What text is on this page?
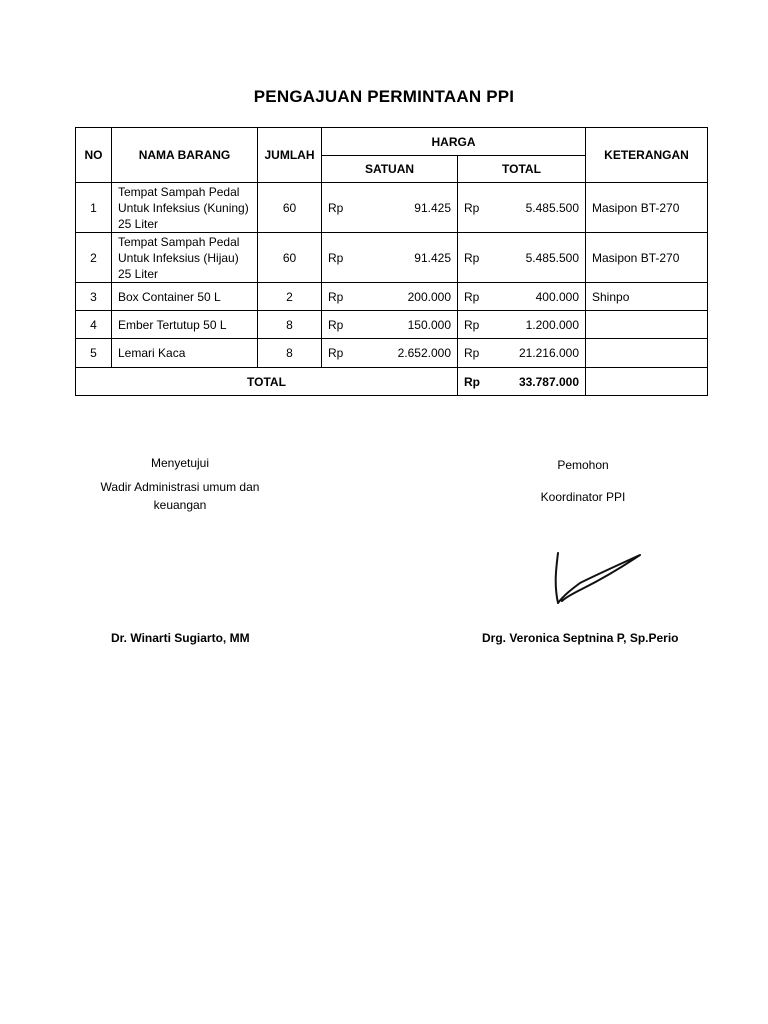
PENGAJUAN PERMINTAAN PPI
NO	NAMA BARANG	JUMLAH	HARGA		KETERANGAN
			SATUAN	TOTAL	
1	Tempat Sampah Pedal Untuk Infeksius (Kuning) 25 Liter	60	Rp 91.425	Rp 5.485.500	Masipon BT-270
2	Tempat Sampah Pedal Untuk Infeksius (Hijau) 25 Liter	60	Rp 91.425	Rp 5.485.500	Masipon BT-270
3	Box Container 50 L	2	Rp 200.000	Rp 400.000	Shinpo
4	Ember Tertutup 50 L	8	Rp 150.000	Rp 1.200.000	

5	Lemari Kaca	8	Rp 2.652.000	Rp 21.216.000	

TOTAL				Rp 33.787.000	

Menyetujui
Wadir Administrasi umum dan keuangan
Dr. Winarti Sugiarto, MM
Pemohon
Koordinator PPI
Drg. Veronica Septnina P, Sp.Perio
